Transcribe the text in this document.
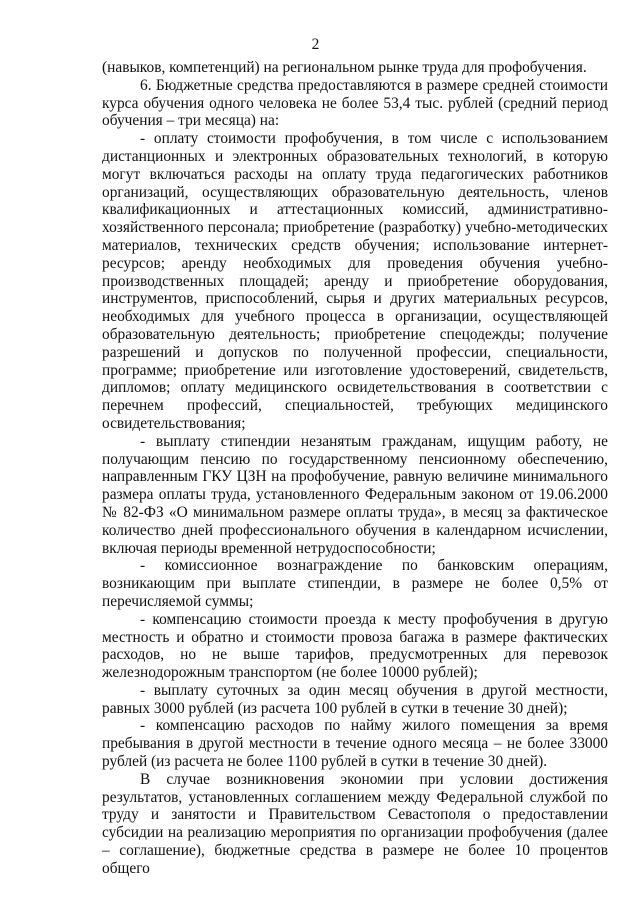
2

(навыков, компетенций) на региональном рынке труда для профобучения.

6. Бюджетные средства предоставляются в размере средней стоимости курса обучения одного человека не более 53,4 тыс. рублей (средний период обучения – три месяца) на:

- оплату стоимости профобучения, в том числе с использованием дистанционных и электронных образовательных технологий, в которую могут включаться расходы на оплату труда педагогических работников организаций, осуществляющих образовательную деятельность, членов квалификационных и аттестационных комиссий, административно-хозяйственного персонала; приобретение (разработку) учебно-методических материалов, технических средств обучения; использование интернет-ресурсов; аренду необходимых для проведения обучения учебно-производственных площадей; аренду и приобретение оборудования, инструментов, приспособлений, сырья и других материальных ресурсов, необходимых для учебного процесса в организации, осуществляющей образовательную деятельность; приобретение спецодежды; получение разрешений и допусков по полученной профессии, специальности, программе; приобретение или изготовление удостоверений, свидетельств, дипломов; оплату медицинского освидетельствования в соответствии с перечнем профессий, специальностей, требующих медицинского освидетельствования;

- выплату стипендии незанятым гражданам, ищущим работу, не получающим пенсию по государственному пенсионному обеспечению, направленным ГКУ ЦЗН на профобучение, равную величине минимального размера оплаты труда, установленного Федеральным законом от 19.06.2000 № 82-ФЗ «О минимальном размере оплаты труда», в месяц за фактическое количество дней профессионального обучения в календарном исчислении, включая периоды временной нетрудоспособности;

- комиссионное вознаграждение по банковским операциям, возникающим при выплате стипендии, в размере не более 0,5% от перечисляемой суммы;

- компенсацию стоимости проезда к месту профобучения в другую местность и обратно и стоимости провоза багажа в размере фактических расходов, но не выше тарифов, предусмотренных для перевозок железнодорожным транспортом (не более 10000 рублей);

- выплату суточных за один месяц обучения в другой местности, равных 3000 рублей (из расчета 100 рублей в сутки в течение 30 дней);

- компенсацию расходов по найму жилого помещения за время пребывания в другой местности в течение одного месяца – не более 33000 рублей (из расчета не более 1100 рублей в сутки в течение 30 дней).

В случае возникновения экономии при условии достижения результатов, установленных соглашением между Федеральной службой по труду и занятости и Правительством Севастополя о предоставлении субсидии на реализацию мероприятия по организации профобучения (далее – соглашение), бюджетные средства в размере не более 10 процентов общего
